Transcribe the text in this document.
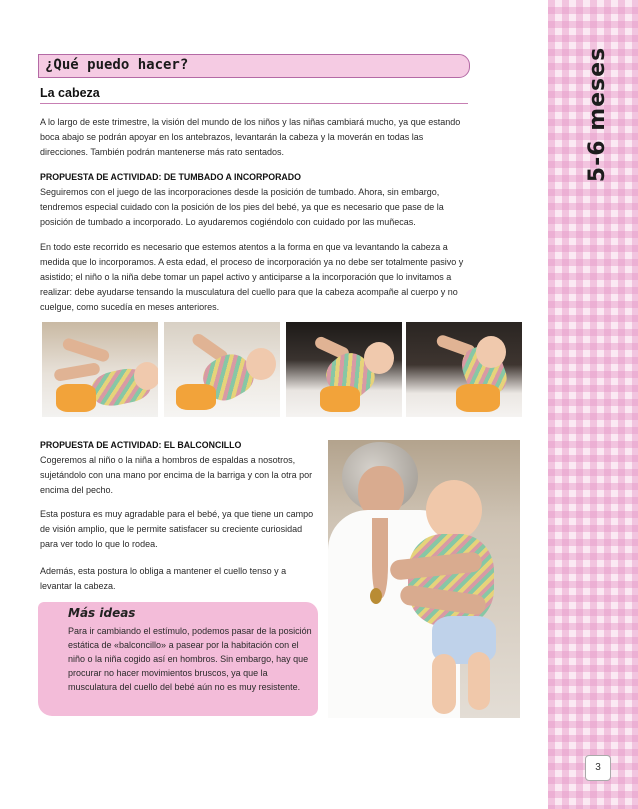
5-6 meses
3
¿Qué puedo hacer?
La cabeza

A lo largo de este trimestre, la visión del mundo de los niños y las niñas cambiará mucho, ya que estando boca abajo se podrán apoyar en los antebrazos, levantarán la cabeza y la moverán en todas las direcciones. También podrán mantenerse más rato sentados.

PROPUESTA DE ACTIVIDAD: DE TUMBADO A INCORPORADO

Seguiremos con el juego de las incorporaciones desde la posición de tumbado. Ahora, sin embargo, tendremos especial cuidado con la posición de los pies del bebé, ya que es necesario que pase de la posición de tumbado a incorporado. Lo ayudaremos cogiéndolo con cuidado por las muñecas.

En todo este recorrido es necesario que estemos atentos a la forma en que va levantando la cabeza a medida que lo incorporamos. A esta edad, el proceso de incorporación ya no debe ser totalmente pasivo y asistido; el niño o la niña debe tomar un papel activo y anticiparse a la incorporación que lo invitamos a realizar: debe ayudarse tensando la musculatura del cuello para que la cabeza acompañe al cuerpo y no cuelgue, como sucedía en meses anteriores.

PROPUESTA DE ACTIVIDAD: EL BALCONCILLO

Cogeremos al niño o la niña a hombros de espaldas a nosotros, sujetándolo con una mano por encima de la barriga y con la otra por encima del pecho.

Esta postura es muy agradable para el bebé, ya que tiene un campo de visión amplio, que le permite satisfacer su creciente curiosidad para ver todo lo que lo rodea.

Además, esta postura lo obliga a mantener el cuello tenso y a levantar la cabeza.

Más ideas

Para ir cambiando el estímulo, podemos pasar de la posición estática de «balconcillo» a pasear por la habitación con el niño o la niña cogido así en hombros. Sin embargo, hay que procurar no hacer movimientos bruscos, ya que la musculatura del cuello del bebé aún no es muy resistente.
